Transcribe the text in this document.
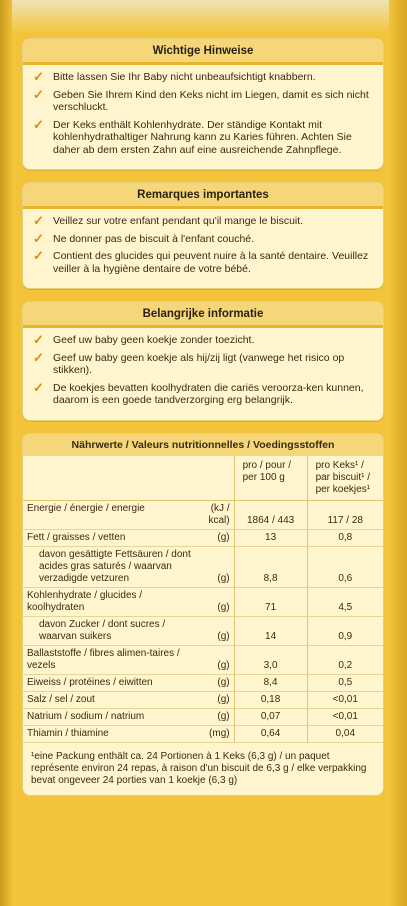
Wichtige Hinweise
✓ Bitte lassen Sie Ihr Baby nicht unbeaufsichtigt knabbern.
✓ Geben Sie Ihrem Kind den Keks nicht im Liegen, damit es sich nicht verschluckt.
✓ Der Keks enthält Kohlenhydrate. Der ständige Kontakt mit kohlenhydrathaltiger Nahrung kann zu Karies führen. Achten Sie daher ab dem ersten Zahn auf eine ausreichende Zahnpflege.
Remarques importantes
✓ Veillez sur votre enfant pendant qu'il mange le biscuit.
✓ Ne donner pas de biscuit à l'enfant couché.
✓ Contient des glucides qui peuvent nuire à la santé dentaire. Veuillez veiller à la hygiène dentaire de votre bébé.
Belangrijke informatie
✓ Geef uw baby geen koekje zonder toezicht.
✓ Geef uw baby geen koekje als hij/zij ligt (vanwege het risico op stikken).
✓ De koekjes bevatten koolhydraten die cariës veroorza-ken kunnen, daarom is een goede tandverzorging erg belangrijk.
Nährwerte / Valeurs nutritionnelles / Voedingsstoffen
		pro / pour / per 100 g	pro Keks¹ / par biscuit¹ / per koekjes¹
Energie / énergie / energie	(kJ / kcal)	1864 / 443	117 / 28
Fett / graisses / vetten	(g)	13	0,8
davon gesättigte Fettsäuren / dont acides gras saturés / waarvan verzadigde vetzuren	(g)	8,8	0,6
Kohlenhydrate / glucides / koolhydraten	(g)	71	4,5
davon Zucker / dont sucres / waarvan suikers	(g)	14	0,9
Ballaststoffe / fibres alimen-taires / vezels	(g)	3,0	0,2
Eiweiss / protéines / eiwitten	(g)	8,4	0,5
Salz / sel / zout	(g)	0,18	<0,01
Natrium / sodium / natrium	(g)	0,07	<0,01
Thiamin / thiamine	(mg)	0,64	0,04
¹eine Packung enthält ca. 24 Portionen à 1 Keks (6,3 g) / un paquet représente environ 24 repas, à raison d'un biscuit de 6,3 g / elke verpakking bevat ongeveer 24 porties van 1 koekje (6,3 g)
